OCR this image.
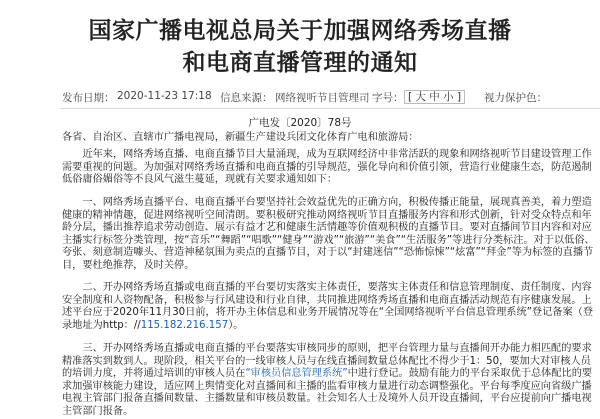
国家广播电视总局关于加强网络秀场直播
和电商直播管理的通知
发布日期： 2020-11-23 17:18 信息来源： 网络视听节目管理司 字号： [ 大 中 小 ]	视力保护色：
广电发〔2020〕78号
各省、自治区、直辖市广播电视局，新疆生产建设兵团文化体育广电和旅游局：

近年来，网络秀场直播、电商直播节目大量涌现，成为互联网经济中非常活跃的现象和网络视听节目建设管理工作需要重视的问题。为加强对网络秀场直播和电商直播的引导规范，强化导向和价值引领，营造行业健康生态，防范遏制低俗庸俗媚俗等不良风气滋生蔓延，现就有关要求通知如下：

一、网络秀场直播平台、电商直播平台要坚持社会效益优先的正确方向，积极传播正能量，展现真善美，着力塑造健康的精神情趣，促进网络视听空间清朗。要积极研究推动网络视听节目直播服务内容和形式创新，针对受众特点和年龄分层，播出推荐追求劳动创造、展示有益才艺和健康生活情趣等价值观积极的直播节目。要对直播间节目内容和对应主播实行标签分类管理，按“音乐”“舞蹈”“唱歌”“健身”“游戏”“旅游”“美食”“生活服务”等进行分类标注。对于以低俗、夸张、刻意制造噱头、营造神秘氛围为卖点的直播节目，对于以“封建迷信”“恐怖惊悚”“炫富”“拜金”等为标签的直播节目，要杜绝推荐，及时关停。

二、开办网络秀场直播或电商直播的平台要切实落实主体责任，要落实主体责任和信息管理制度、责任制度、内容安全制度和人资物配备，积极参与行风建设和行业自律，共同推进网络秀场直播和电商直播活动规范有序健康发展。上述平台应于2020年11月30日前，将开办主体信息和业务开展情况等在“全国网络视听平台信息管理系统”登记备案（登录地址为http：//115.182.216.157）。

三、开办网络秀场直播或电商直播的平台要落实审核同步的原则，把平台管理力量与直播间开办能力相匹配的要求精准落实到数到人。现阶段，相关平台的一线审核人员与在线直播间数量总体配比不得少于1：50，要加大对审核人员的培训力度，并将通过培训的审核人员在“审核员信息管理系统”中进行登记。鼓励有能力的平台采取优于总体配比的要求加强审核能力建设，适应网上舆情变化对直播间和主播的监看审核力量进行动态调整强化。平台每季度应向省级广播电视主管部门报备直播间数量、主播数量和审核员数量。社会知名人士及境外人员开设直播间，平台应提前向广播电视主管部门报备。
